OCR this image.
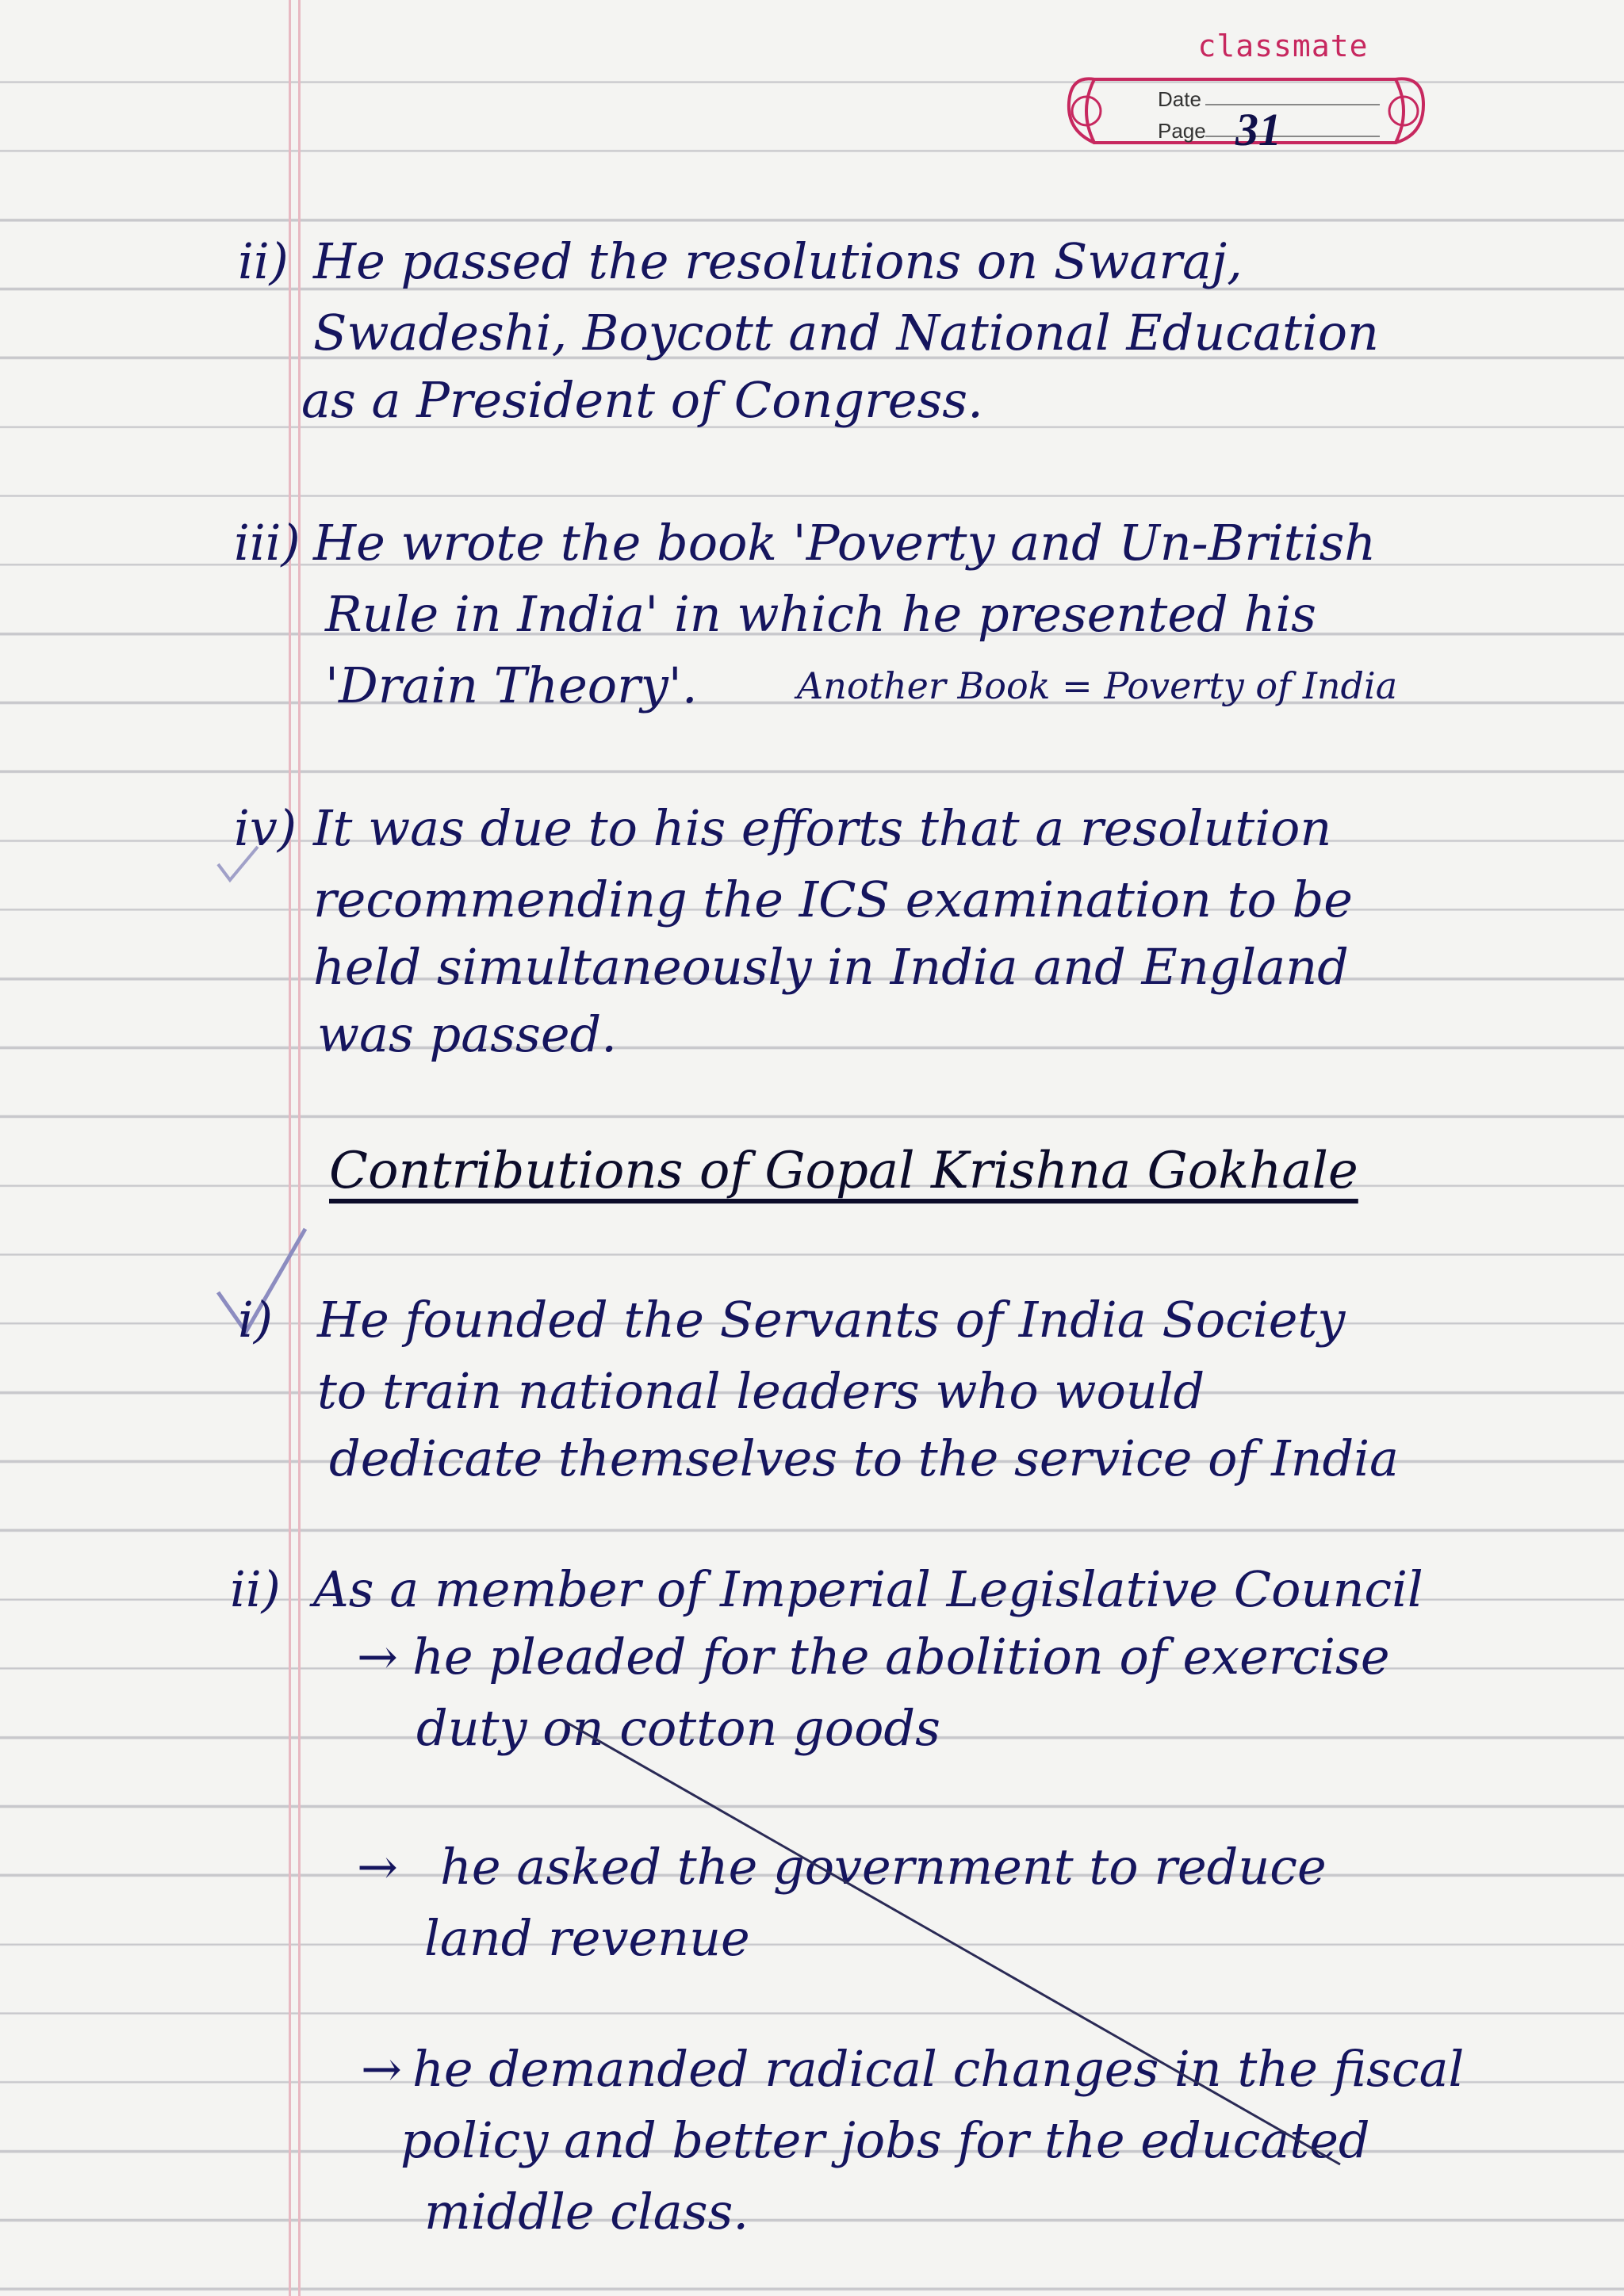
classmate
Date
Page 31
ii) He passed the resolutions on Swaraj,
Swadeshi, Boycott and National Education
as a President of Congress.
iii) He wrote the book 'Poverty and Un-British
Rule in India' in which he presented his
'Drain Theory'.	Another Book = Poverty of India
iv) It was due to his efforts that a resolution
recommending the ICS examination to be
held simultaneously in India and England
was passed.
Contributions of Gopal Krishna Gokhale
i) He founded the Servants of India Society
to train national leaders who would
dedicate themselves to the service of India
ii) As a member of Imperial Legislative Council
→ he pleaded for the abolition of exercise
duty on cotton goods
→ he asked the government to reduce
land revenue
→ he demanded radical changes in the fiscal
policy and better jobs for the educated
middle class.
